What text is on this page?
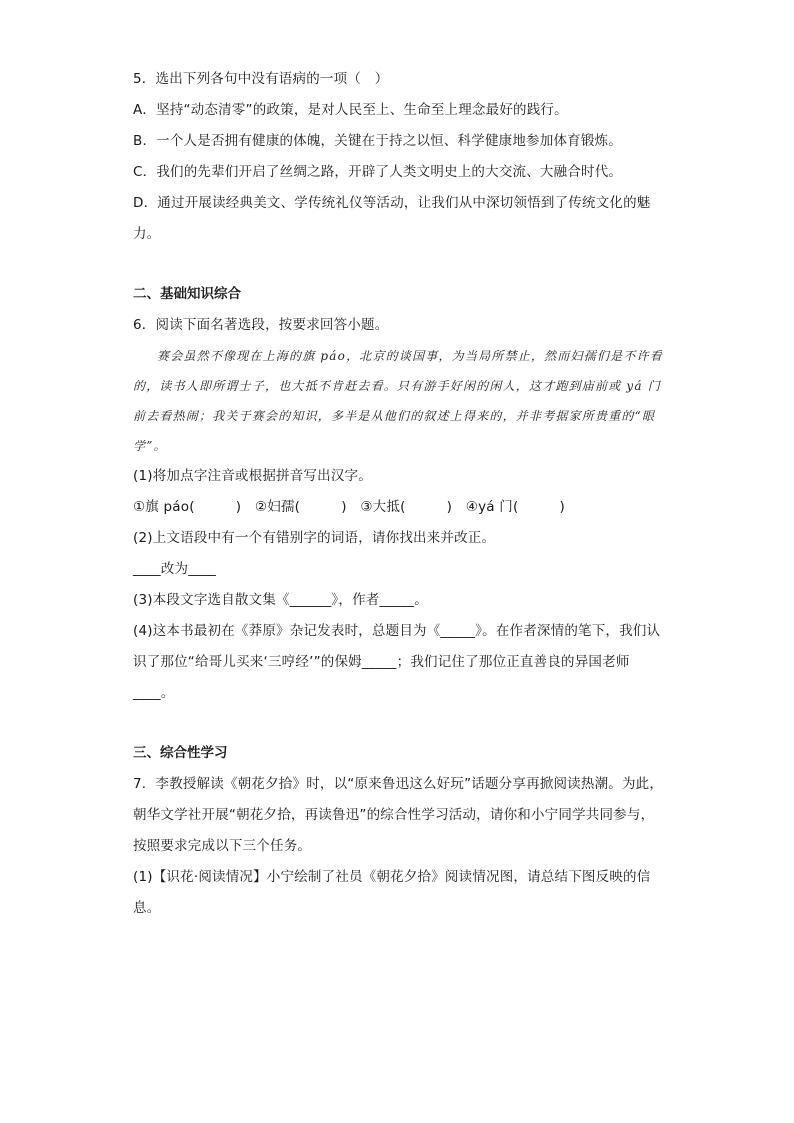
5．选出下列各句中没有语病的一项（　）
A．坚持“动态清零”的政策，是对人民至上、生命至上理念最好的践行。
B．一个人是否拥有健康的体魄，关键在于持之以恒、科学健康地参加体育锻炼。
C．我们的先辈们开启了丝绸之路，开辟了人类文明史上的大交流、大融合时代。
D．通过开展读经典美文、学传统礼仪等活动，让我们从中深切领悟到了传统文化的魅
力。
二、基础知识综合
6．阅读下面名著选段，按要求回答小题。

赛会虽然不像现在上海的旗 páo，北京的谈国事，为当局所禁止，然而妇孺们是不许看的，读书人即所谓士子，也大抵不肯赶去看。只有游手好闲的闲人，这才跑到庙前或 yá 门前去看热闹；我关于赛会的知识，多半是从他们的叙述上得来的，并非考据家所贵重的“眼学”。

(1)将加点字注音或根据拼音写出汉字。
①旗 páo(　　　)　②妇孺(　　　)　③大抵(　　　)　④yá 门(　　　)
(2)上文语段中有一个有错别字的词语，请你找出来并改正。
____改为____
(3)本段文字选自散文集《______》，作者_____。
(4)这本书最初在《莽原》杂记发表时，总题目为《_____》。在作者深情的笔下，我们认
识了那位“给哥儿买来‘三哼经’”的保姆_____；我们记住了那位正直善良的异国老师
____。
三、综合性学习
7．李教授解读《朝花夕拾》时，以“原来鲁迅这么好玩”话题分享再掀阅读热潮。为此，
朝华文学社开展“朝花夕拾，再读鲁迅”的综合性学习活动，请你和小宁同学共同参与，
按照要求完成以下三个任务。
(1)【识花·阅读情况】小宁绘制了社员《朝花夕拾》阅读情况图，请总结下图反映的信
息。
